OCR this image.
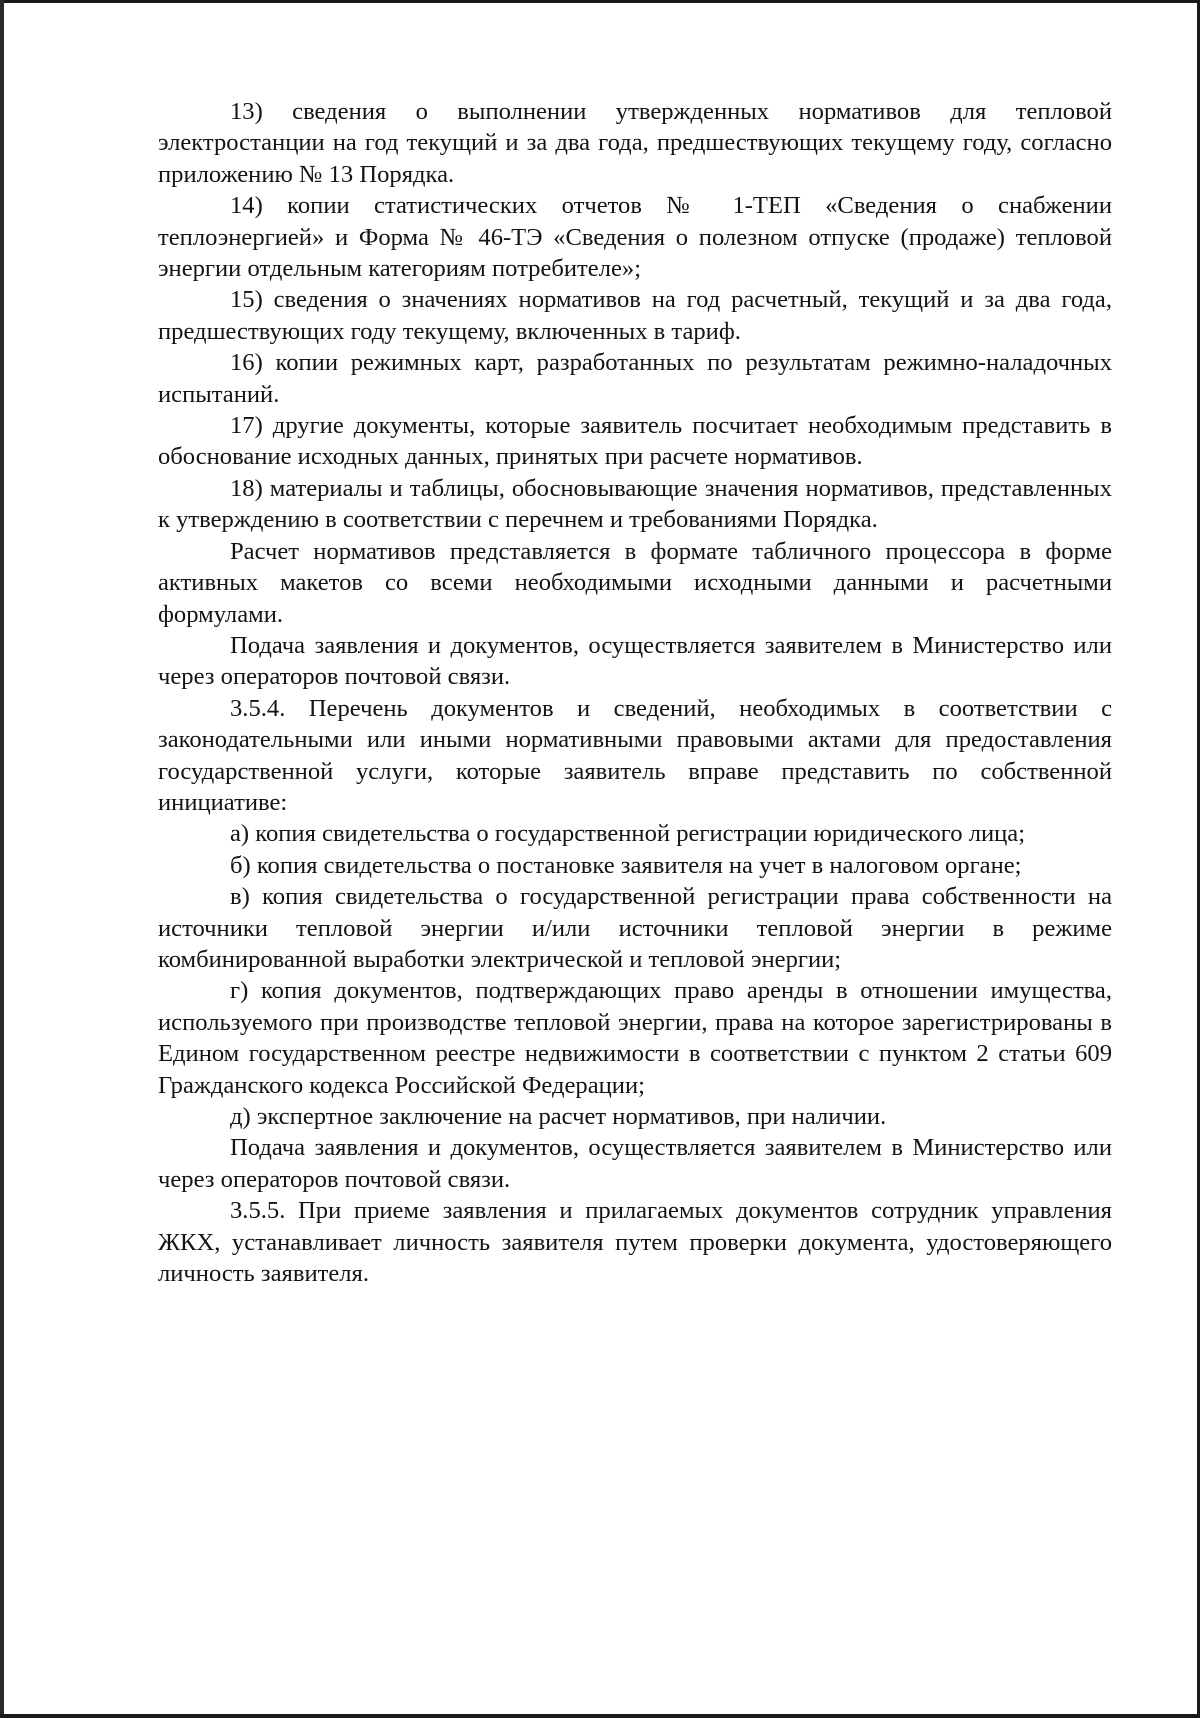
13) сведения о выполнении утвержденных нормативов для тепловой электростанции на год текущий и за два года, предшествующих текущему году, согласно приложению № 13 Порядка.

14) копии статистических отчетов № 1-ТЕП «Сведения о снабжении теплоэнергией» и Форма № 46-ТЭ «Сведения о полезном отпуске (продаже) тепловой энергии отдельным категориям потребителе»;

15) сведения о значениях нормативов на год расчетный, текущий и за два года, предшествующих году текущему, включенных в тариф.

16) копии режимных карт, разработанных по результатам режимно-наладочных испытаний.

17) другие документы, которые заявитель посчитает необходимым представить в обоснование исходных данных, принятых при расчете нормативов.

18) материалы и таблицы, обосновывающие значения нормативов, представленных к утверждению в соответствии с перечнем и требованиями Порядка.

Расчет нормативов представляется в формате табличного процессора в форме активных макетов со всеми необходимыми исходными данными и расчетными формулами.

Подача заявления и документов, осуществляется заявителем в Министерство или через операторов почтовой связи.

3.5.4. Перечень документов и сведений, необходимых в соответствии с законодательными или иными нормативными правовыми актами для предоставления государственной услуги, которые заявитель вправе представить по собственной инициативе:

а) копия свидетельства о государственной регистрации юридического лица;

б) копия свидетельства о постановке заявителя на учет в налоговом органе;

в) копия свидетельства о государственной регистрации права собственности на источники тепловой энергии и/или источники тепловой энергии в режиме комбинированной выработки электрической и тепловой энергии;

г) копия документов, подтверждающих право аренды в отношении имущества, используемого при производстве тепловой энергии, права на которое зарегистрированы в Едином государственном реестре недвижимости в соответствии с пунктом 2 статьи 609 Гражданского кодекса Российской Федерации;

д) экспертное заключение на расчет нормативов, при наличии.

Подача заявления и документов, осуществляется заявителем в Министерство или через операторов почтовой связи.

3.5.5. При приеме заявления и прилагаемых документов сотрудник управления ЖКХ, устанавливает личность заявителя путем проверки документа, удостоверяющего личность заявителя.
